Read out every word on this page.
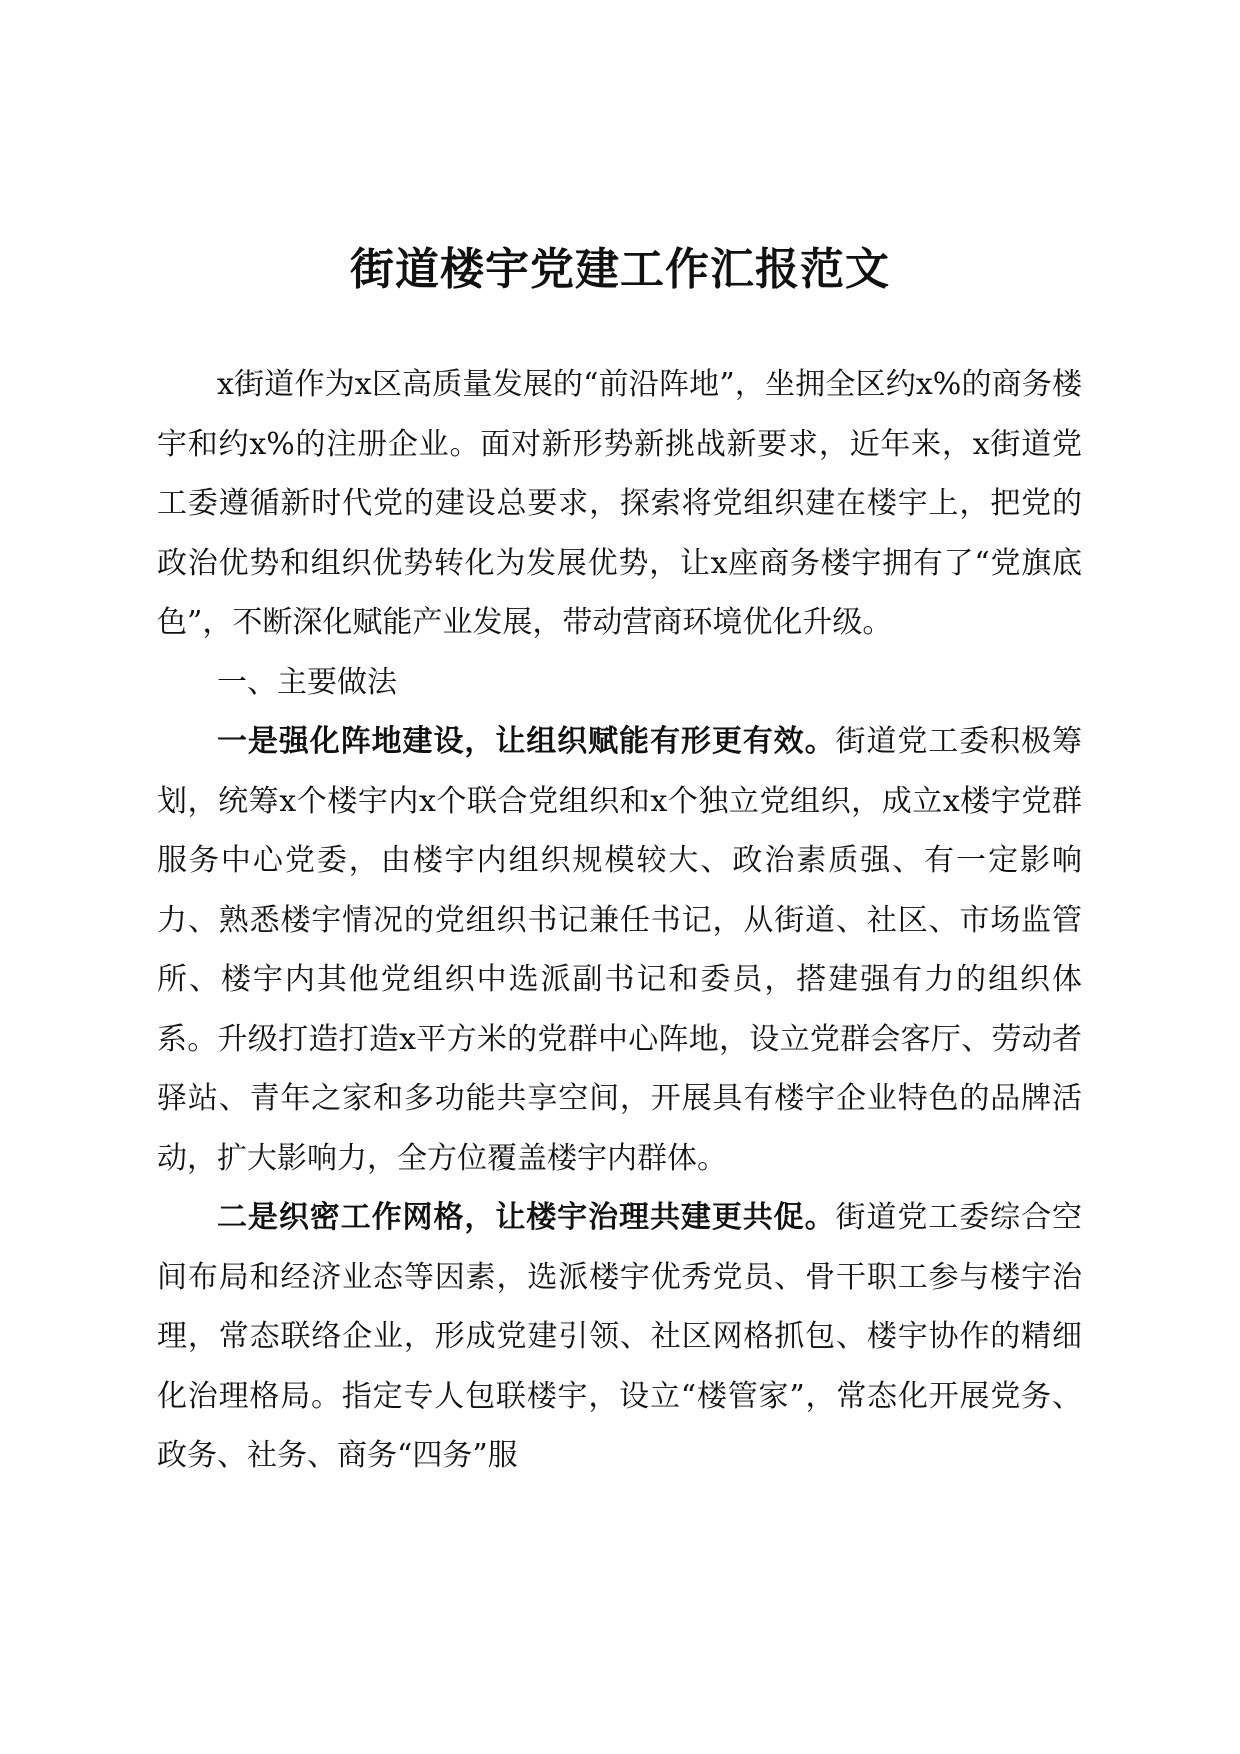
街道楼宇党建工作汇报范文

x街道作为x区高质量发展的“前沿阵地”，坐拥全区约x%的商务楼宇和约x%的注册企业。面对新形势新挑战新要求，近年来，x街道党工委遵循新时代党的建设总要求，探索将党组织建在楼宇上，把党的政治优势和组织优势转化为发展优势，让x座商务楼宇拥有了“党旗底色”，不断深化赋能产业发展，带动营商环境优化升级。

一、主要做法

一是强化阵地建设，让组织赋能有形更有效。街道党工委积极筹划，统筹x个楼宇内x个联合党组织和x个独立党组织，成立x楼宇党群服务中心党委，由楼宇内组织规模较大、政治素质强、有一定影响力、熟悉楼宇情况的党组织书记兼任书记，从街道、社区、市场监管所、楼宇内其他党组织中选派副书记和委员，搭建强有力的组织体系。升级打造打造x平方米的党群中心阵地，设立党群会客厅、劳动者驿站、青年之家和多功能共享空间，开展具有楼宇企业特色的品牌活动，扩大影响力，全方位覆盖楼宇内群体。

二是织密工作网格，让楼宇治理共建更共促。街道党工委综合空间布局和经济业态等因素，选派楼宇优秀党员、骨干职工参与楼宇治理，常态联络企业，形成党建引领、社区网格抓包、楼宇协作的精细化治理格局。指定专人包联楼宇，设立“楼管家”，常态化开展党务、政务、社务、商务“四务”服
